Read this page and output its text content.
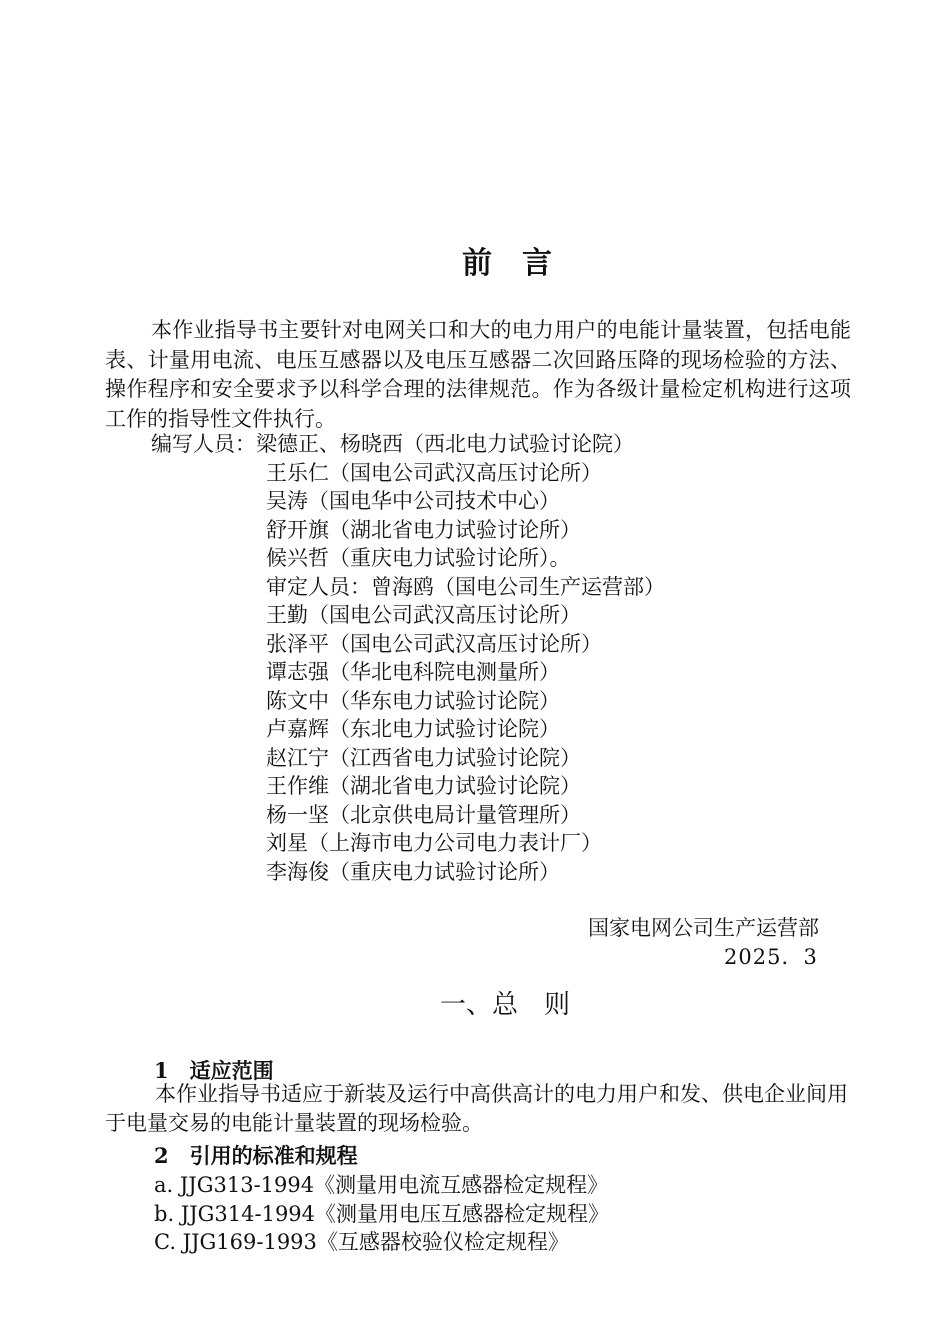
前　言
本作业指导书主要针对电网关口和大的电力用户的电能计量装置，包括电能表、计量用电流、电压互感器以及电压互感器二次回路压降的现场检验的方法、操作程序和安全要求予以科学合理的法律规范。作为各级计量检定机构进行这项工作的指导性文件执行。
编写人员：梁德正、杨晓西（西北电力试验讨论院）
王乐仁（国电公司武汉高压讨论所）
吴涛（国电华中公司技术中心）
舒开旗（湖北省电力试验讨论所）
候兴哲（重庆电力试验讨论所）。
审定人员：曾海鸥（国电公司生产运营部）
王勤（国电公司武汉高压讨论所）
张泽平（国电公司武汉高压讨论所）
谭志强（华北电科院电测量所）
陈文中（华东电力试验讨论院）
卢嘉辉（东北电力试验讨论院）
赵江宁（江西省电力试验讨论院）
王作维（湖北省电力试验讨论院）
杨一坚（北京供电局计量管理所）
刘星（上海市电力公司电力表计厂）
李海俊（重庆电力试验讨论所）
国家电网公司生产运营部
2025．3
一、总　则
1　适应范围
本作业指导书适应于新装及运行中高供高计的电力用户和发、供电企业间用于电量交易的电能计量装置的现场检验。
2　引用的标准和规程
a. JJG313-1994《测量用电流互感器检定规程》
b. JJG314-1994《测量用电压互感器检定规程》
C. JJG169-1993《互感器校验仪检定规程》
